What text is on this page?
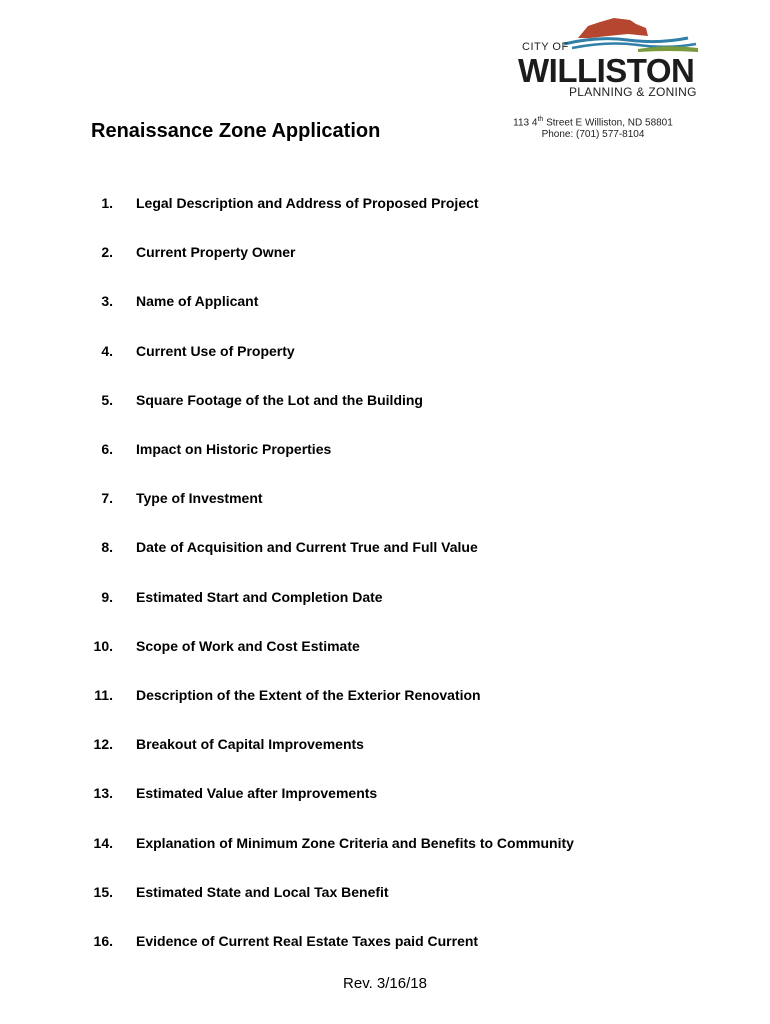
CITY OF
WILLISTON
PLANNING & ZONING
113 4th Street E Williston, ND 58801
Phone: (701) 577-8104
Renaissance Zone Application
1. Legal Description and Address of Proposed Project
2. Current Property Owner
3. Name of Applicant
4. Current Use of Property
5. Square Footage of the Lot and the Building
6. Impact on Historic Properties
7. Type of Investment
8. Date of Acquisition and Current True and Full Value
9. Estimated Start and Completion Date
10. Scope of Work and Cost Estimate
11. Description of the Extent of the Exterior Renovation
12. Breakout of Capital Improvements
13. Estimated Value after Improvements
14. Explanation of Minimum Zone Criteria and Benefits to Community
15. Estimated State and Local Tax Benefit
16. Evidence of Current Real Estate Taxes paid Current
Rev. 3/16/18
